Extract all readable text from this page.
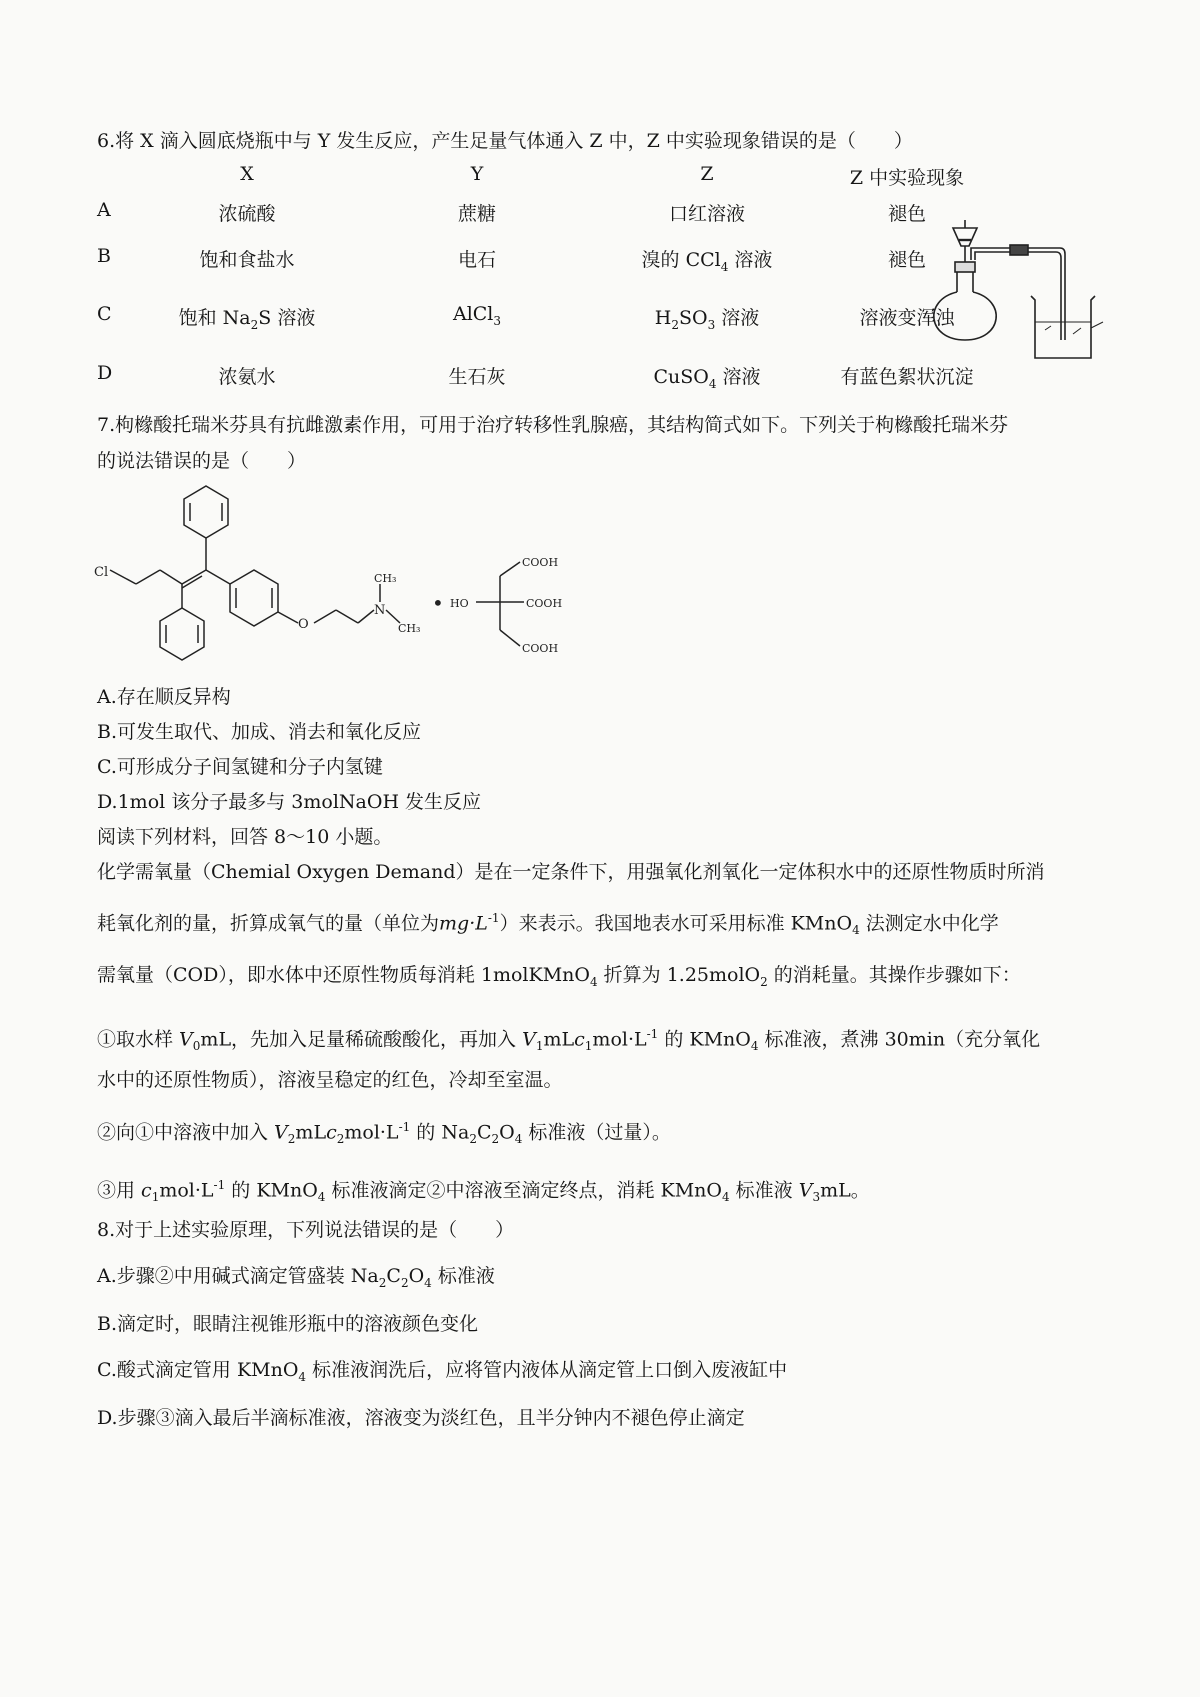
6.将 X 滴入圆底烧瓶中与 Y 发生反应，产生足量气体通入 Z 中，Z 中实验现象错误的是（　　）
X	Y	Z	Z 中实验现象
A	浓硫酸	蔗糖	口红溶液	褪色
B	饱和食盐水	电石	溴的 CCl$_4$ 溶液	褪色
C	饱和 $Na_2S$ 溶液	AlCl$_3$	$H_2SO_3$ 溶液	溶液变浑浊
D	浓氨水	生石灰	CuSO$_4$ 溶液	有蓝色絮状沉淀
7.枸橼酸托瑞米芬具有抗雌激素作用，可用于治疗转移性乳腺癌，其结构简式如下。下列关于枸橼酸托瑞米芬
的说法错误的是（　　）
Cl
O
N
CH₃
CH₃
• HO
COOH
COOH
COOH
A.存在顺反异构
B.可发生取代、加成、消去和氧化反应
C.可形成分子间氢键和分子内氢键
D.1mol 该分子最多与 3molNaOH 发生反应
阅读下列材料，回答 8～10 小题。
化学需氧量（Chemial Oxygen Demand）是在一定条件下，用强氧化剂氧化一定体积水中的还原性物质时所消
耗氧化剂的量，折算成氧气的量（单位为$mg\cdot L^{-1}$）来表示。我国地表水可采用标准 KMnO$_4$ 法测定水中化学
需氧量（COD），即水体中还原性物质每消耗 1molKMnO$_4$ 折算为 1.25molO$_2$ 的消耗量。其操作步骤如下：
①取水样 $V_0mL$，先加入足量稀硫酸酸化，再加入 $V_1mLc_1mol\cdot L^{-1}$ 的 KMnO$_4$ 标准液，煮沸 30min（充分氧化
水中的还原性物质），溶液呈稳定的红色，冷却至室温。
②向①中溶液中加入 $V_2mLc_2mol\cdot L^{-1}$ 的 $Na_2C_2O_4$ 标准液（过量）。
③用 $c_1mol\cdot L^{-1}$ 的 KMnO$_4$ 标准液滴定②中溶液至滴定终点，消耗 KMnO$_4$ 标准液 $V_3mL$。
8.对于上述实验原理，下列说法错误的是（　　）
A.步骤②中用碱式滴定管盛装 $Na_2C_2O_4$ 标准液
B.滴定时，眼睛注视锥形瓶中的溶液颜色变化
C.酸式滴定管用 KMnO$_4$ 标准液润洗后，应将管内液体从滴定管上口倒入废液缸中
D.步骤③滴入最后半滴标准液，溶液变为淡红色，且半分钟内不褪色停止滴定
